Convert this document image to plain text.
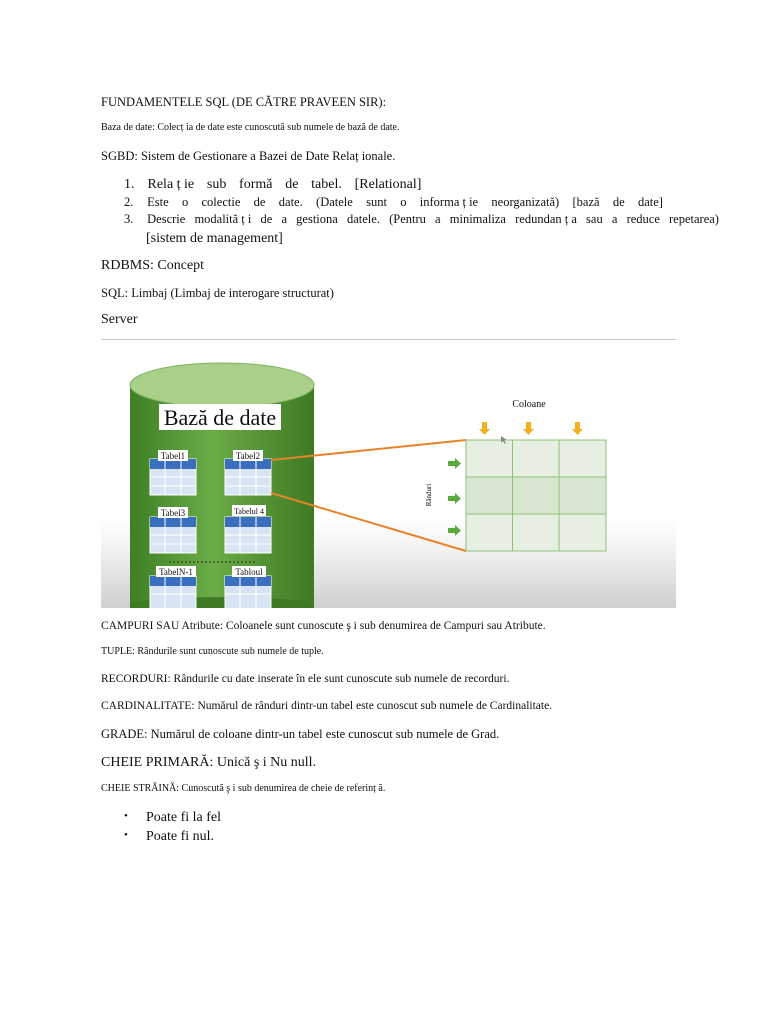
FUNDAMENTELE SQL (DE CĂTRE PRAVEEN SIR):
Baza de date: Colecț ia de date este cunoscută sub numele de bază de date.
SGBD: Sistem de Gestionare a Bazei de Date Relaț ionale.
1. Rela ț ie sub formă de tabel. [Relational]
2. Este o colectie de date. (Datele sunt o informa ț ie neorganizată) [bază de date]
3. Descrie modalită ț i de a gestiona datele. (Pentru a minimaliza redundan ț a sau a reduce repetarea)
[sistem de management]
RDBMS: Concept
SQL: Limbaj (Limbaj de interogare structurat)
Server
Bază de date
Tabel1	Tabel2
Tabel3	Tabelul 4
TabelN-1	Tabloul
Coloane
Rânduri
CAMPURI SAU Atribute: Coloanele sunt cunoscute ş i sub denumirea de Campuri sau Atribute.
TUPLE: Rândurile sunt cunoscute sub numele de tuple.
RECORDURI: Rândurile cu date inserate în ele sunt cunoscute sub numele de recorduri.
CARDINALITATE: Numărul de rânduri dintr-un tabel este cunoscut sub numele de Cardinalitate.
GRADE: Numărul de coloane dintr-un tabel este cunoscut sub numele de Grad.
CHEIE PRIMARĂ: Unică ş i Nu null.
CHEIE STRĂINĂ: Cunoscută ş i sub denumirea de cheie de referinț ă.
• Poate fi la fel
• Poate fi nul.
